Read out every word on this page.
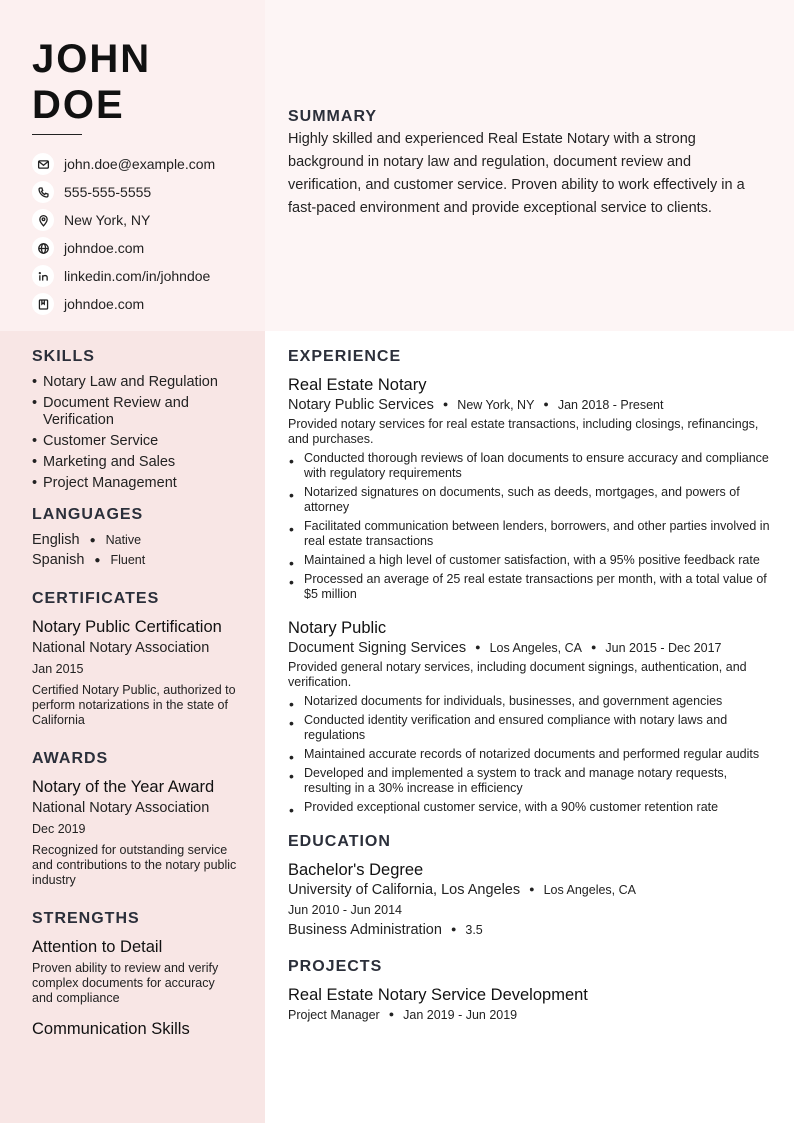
JOHN
DOE
john.doe@example.com
555-555-5555
New York, NY
johndoe.com
linkedin.com/in/johndoe
johndoe.com
SUMMARY

Highly skilled and experienced Real Estate Notary with a strong background in notary law and regulation, document review and verification, and customer service. Proven ability to work effectively in a fast-paced environment and provide exceptional service to clients.

SKILLS
• Notary Law and Regulation
• Document Review and Verification
• Customer Service
• Marketing and Sales
• Project Management
LANGUAGES
English ● Native
Spanish ● Fluent
CERTIFICATES
Notary Public Certification
National Notary Association
Jan 2015
Certified Notary Public, authorized to perform notarizations in the state of California
AWARDS
Notary of the Year Award
National Notary Association
Dec 2019
Recognized for outstanding service and contributions to the notary public industry
STRENGTHS
Attention to Detail
Proven ability to review and verify complex documents for accuracy and compliance
Communication Skills
EXPERIENCE
Real Estate Notary
Notary Public Services ● New York, NY ● Jan 2018 - Present
Provided notary services for real estate transactions, including closings, refinancings, and purchases.
• Conducted thorough reviews of loan documents to ensure accuracy and compliance with regulatory requirements
• Notarized signatures on documents, such as deeds, mortgages, and powers of attorney
• Facilitated communication between lenders, borrowers, and other parties involved in real estate transactions
• Maintained a high level of customer satisfaction, with a 95% positive feedback rate
• Processed an average of 25 real estate transactions per month, with a total value of $5 million
Notary Public
Document Signing Services ● Los Angeles, CA ● Jun 2015 - Dec 2017
Provided general notary services, including document signings, authentication, and verification.
• Notarized documents for individuals, businesses, and government agencies
• Conducted identity verification and ensured compliance with notary laws and regulations
• Maintained accurate records of notarized documents and performed regular audits
• Developed and implemented a system to track and manage notary requests, resulting in a 30% increase in efficiency
• Provided exceptional customer service, with a 90% customer retention rate
EDUCATION
Bachelor's Degree
University of California, Los Angeles ● Los Angeles, CA
Jun 2010 - Jun 2014
Business Administration ● 3.5
PROJECTS
Real Estate Notary Service Development
Project Manager ● Jan 2019 - Jun 2019
